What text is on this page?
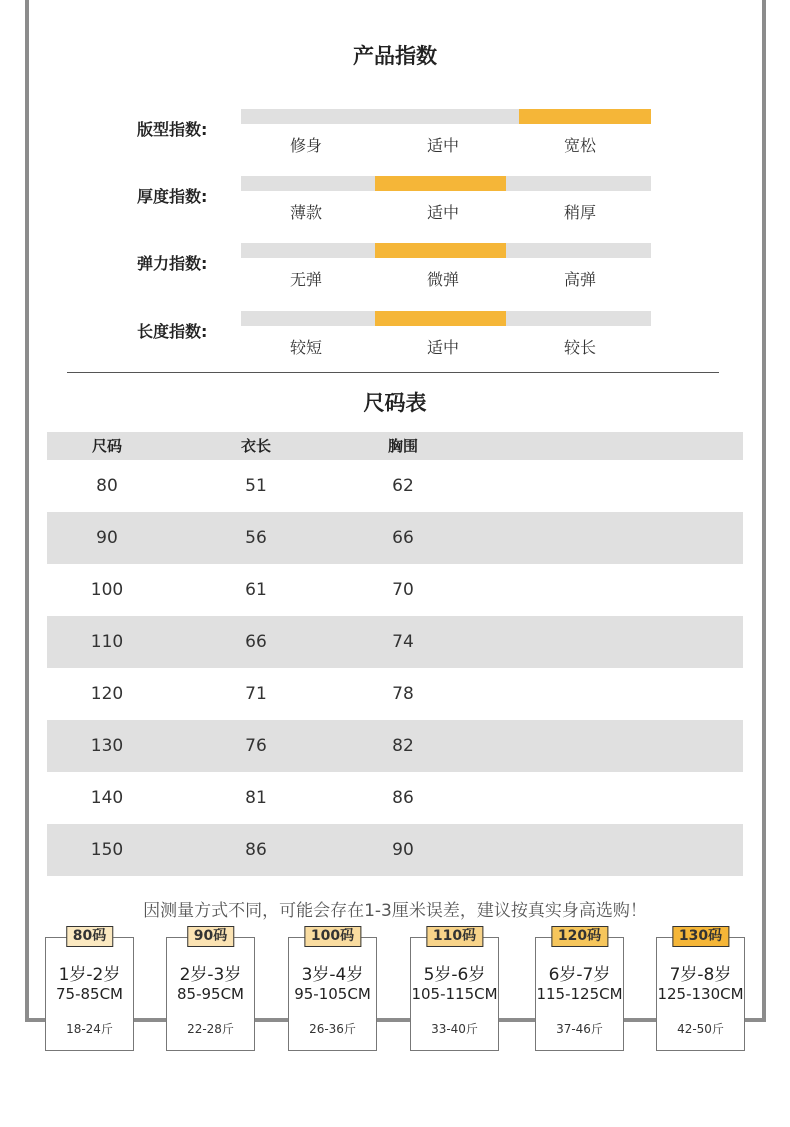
产品指数
版型指数:
修身	适中	宽松
厚度指数:
薄款	适中	稍厚
弹力指数:
无弹	微弹	高弹
长度指数:
较短	适中	较长
尺码表
尺码	衣长	胸围
80	51	62
90	56	66
100	61	70
110	66	74
120	71	78
130	76	82
140	81	86
150	86	90
因测量方式不同，可能会存在1-3厘米误差，建议按真实身高选购！
80码
1岁-2岁
75-85CM
18-24斤
90码
2岁-3岁
85-95CM
22-28斤
100码
3岁-4岁
95-105CM
26-36斤
110码
5岁-6岁
105-115CM
33-40斤
120码
6岁-7岁
115-125CM
37-46斤
130码
7岁-8岁
125-130CM
42-50斤
